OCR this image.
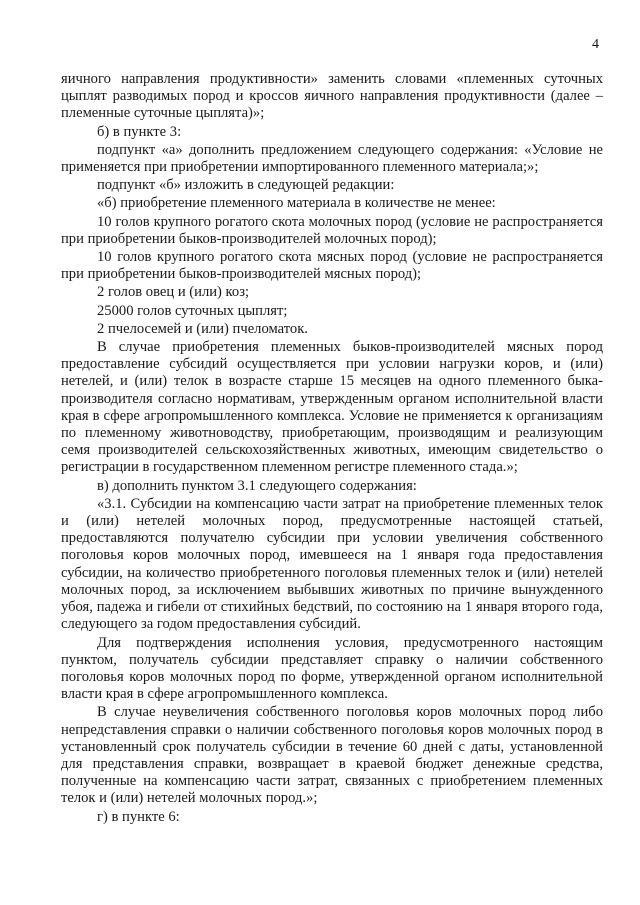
4

яичного направления продуктивности» заменить словами «племенных суточных цыплят разводимых пород и кроссов яичного направления продуктивности (далее – племенные суточные цыплята)»;

б) в пункте 3:

подпункт «а» дополнить предложением следующего содержания: «Условие не применяется при приобретении импортированного племенного материала;»;

подпункт «б» изложить в следующей редакции:

«б) приобретение племенного материала в количестве не менее:

10 голов крупного рогатого скота молочных пород (условие не распространяется при приобретении быков-производителей молочных пород);

10 голов крупного рогатого скота мясных пород (условие не распространяется при приобретении быков-производителей мясных пород);

2 голов овец и (или) коз;

25000 голов суточных цыплят;

2 пчелосемей и (или) пчеломаток.

В случае приобретения племенных быков-производителей мясных пород предоставление субсидий осуществляется при условии нагрузки коров, и (или) нетелей, и (или) телок в возрасте старше 15 месяцев на одного племенного быка-производителя согласно нормативам, утвержденным органом исполнительной власти края в сфере агропромышленного комплекса. Условие не применяется к организациям по племенному животноводству, приобретающим, производящим и реализующим семя производителей сельскохозяйственных животных, имеющим свидетельство о регистрации в государственном племенном регистре племенного стада.»;

в) дополнить пунктом 3.1 следующего содержания:

«3.1. Субсидии на компенсацию части затрат на приобретение племенных телок и (или) нетелей молочных пород, предусмотренные настоящей статьей, предоставляются получателю субсидии при условии увеличения собственного поголовья коров молочных пород, имевшееся на 1 января года предоставления субсидии, на количество приобретенного поголовья племенных телок и (или) нетелей молочных пород, за исключением выбывших животных по причине вынужденного убоя, падежа и гибели от стихийных бедствий, по состоянию на 1 января второго года, следующего за годом предоставления субсидий.

Для подтверждения исполнения условия, предусмотренного настоящим пунктом, получатель субсидии представляет справку о наличии собственного поголовья коров молочных пород по форме, утвержденной органом исполнительной власти края в сфере агропромышленного комплекса.

В случае неувеличения собственного поголовья коров молочных пород либо непредставления справки о наличии собственного поголовья коров молочных пород в установленный срок получатель субсидии в течение 60 дней с даты, установленной для представления справки, возвращает в краевой бюджет денежные средства, полученные на компенсацию части затрат, связанных с приобретением племенных телок и (или) нетелей молочных пород.»;

г) в пункте 6:
